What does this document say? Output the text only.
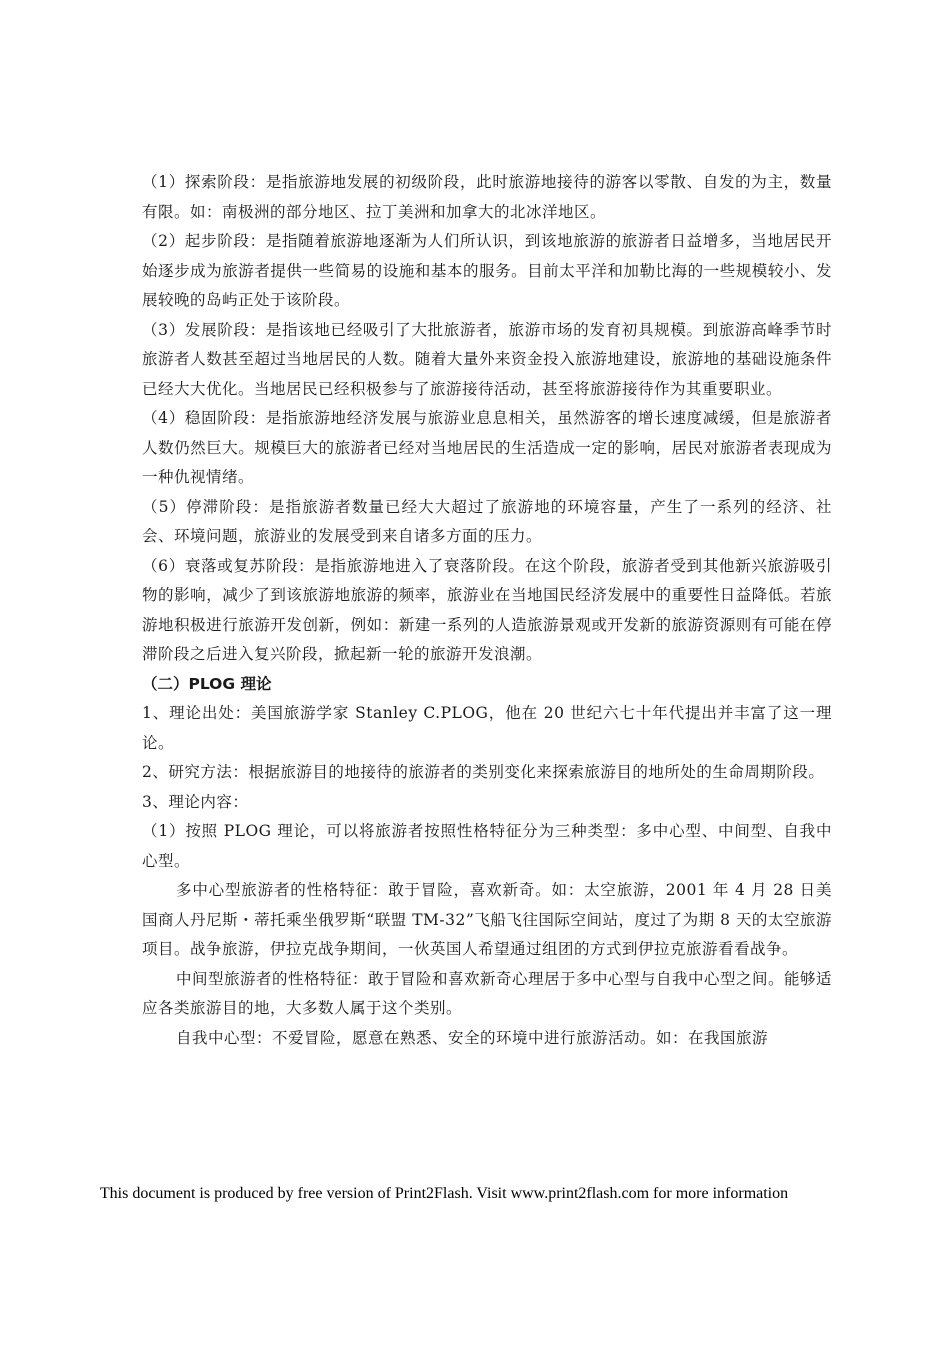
（1）探索阶段：是指旅游地发展的初级阶段，此时旅游地接待的游客以零散、自发的为主，数量有限。如：南极洲的部分地区、拉丁美洲和加拿大的北冰洋地区。

（2）起步阶段：是指随着旅游地逐渐为人们所认识，到该地旅游的旅游者日益增多，当地居民开始逐步成为旅游者提供一些简易的设施和基本的服务。目前太平洋和加勒比海的一些规模较小、发展较晚的岛屿正处于该阶段。

（3）发展阶段：是指该地已经吸引了大批旅游者，旅游市场的发育初具规模。到旅游高峰季节时旅游者人数甚至超过当地居民的人数。随着大量外来资金投入旅游地建设，旅游地的基础设施条件已经大大优化。当地居民已经积极参与了旅游接待活动，甚至将旅游接待作为其重要职业。

（4）稳固阶段：是指旅游地经济发展与旅游业息息相关，虽然游客的增长速度减缓，但是旅游者人数仍然巨大。规模巨大的旅游者已经对当地居民的生活造成一定的影响，居民对旅游者表现成为一种仇视情绪。

（5）停滞阶段：是指旅游者数量已经大大超过了旅游地的环境容量，产生了一系列的经济、社会、环境问题，旅游业的发展受到来自诸多方面的压力。

（6）衰落或复苏阶段：是指旅游地进入了衰落阶段。在这个阶段，旅游者受到其他新兴旅游吸引物的影响，减少了到该旅游地旅游的频率，旅游业在当地国民经济发展中的重要性日益降低。若旅游地积极进行旅游开发创新，例如：新建一系列的人造旅游景观或开发新的旅游资源则有可能在停滞阶段之后进入复兴阶段，掀起新一轮的旅游开发浪潮。

（二）PLOG 理论

1、理论出处：美国旅游学家 Stanley C.PLOG，他在 20 世纪六七十年代提出并丰富了这一理论。

2、研究方法：根据旅游目的地接待的旅游者的类别变化来探索旅游目的地所处的生命周期阶段。

3、理论内容：

（1）按照 PLOG 理论，可以将旅游者按照性格特征分为三种类型：多中心型、中间型、自我中心型。

多中心型旅游者的性格特征：敢于冒险，喜欢新奇。如：太空旅游，2001 年 4 月 28 日美国商人丹尼斯・蒂托乘坐俄罗斯“联盟 TM-32”飞船飞往国际空间站，度过了为期 8 天的太空旅游项目。战争旅游，伊拉克战争期间，一伙英国人希望通过组团的方式到伊拉克旅游看看战争。

中间型旅游者的性格特征：敢于冒险和喜欢新奇心理居于多中心型与自我中心型之间。能够适应各类旅游目的地，大多数人属于这个类别。

自我中心型：不爱冒险，愿意在熟悉、安全的环境中进行旅游活动。如：在我国旅游

This document is produced by free version of Print2Flash. Visit www.print2flash.com for more information
